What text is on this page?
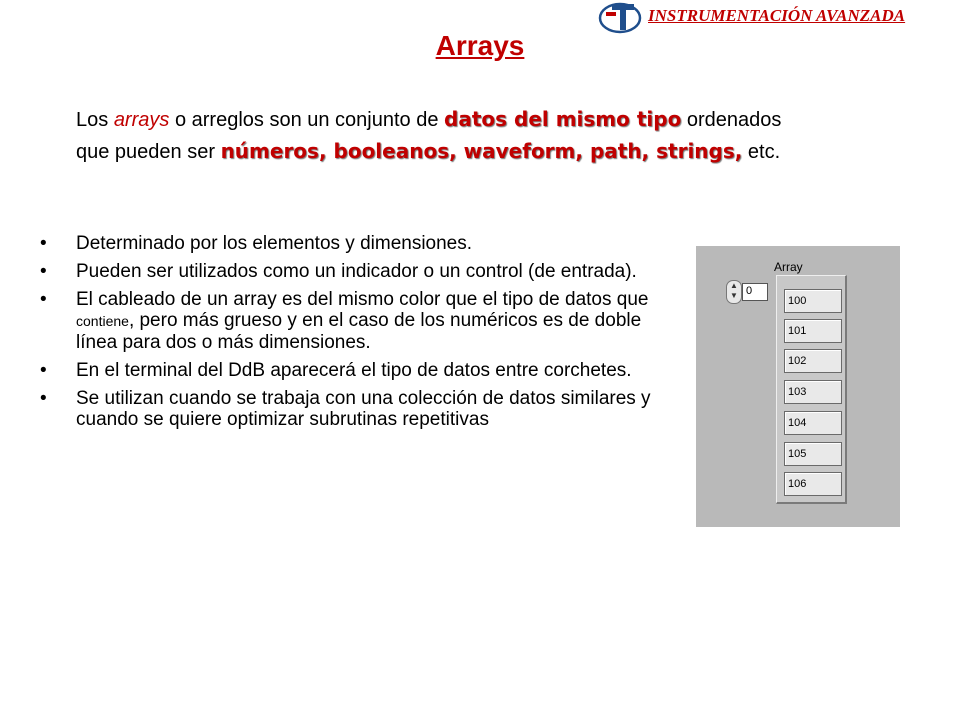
INSTRUMENTACIÓN AVANZADA
Arrays
Los arrays o arreglos son un conjunto de datos del mismo tipo ordenados
que pueden ser números, booleanos, waveform, path, strings, etc.
• Determinado por los elementos y dimensiones.
• Pueden ser utilizados como un indicador o un control (de entrada).
• El cableado de un array es del mismo color que el tipo de datos que contiene, pero más grueso y en el caso de los numéricos es de doble línea para dos o más dimensiones.
• En el terminal del DdB aparecerá el tipo de datos entre corchetes.
• Se utilizan cuando se trabaja con una colección de datos similares y cuando se quiere optimizar subrutinas repetitivas
Array
▲ ▼ 0
100
101
102
103
104
105
106
